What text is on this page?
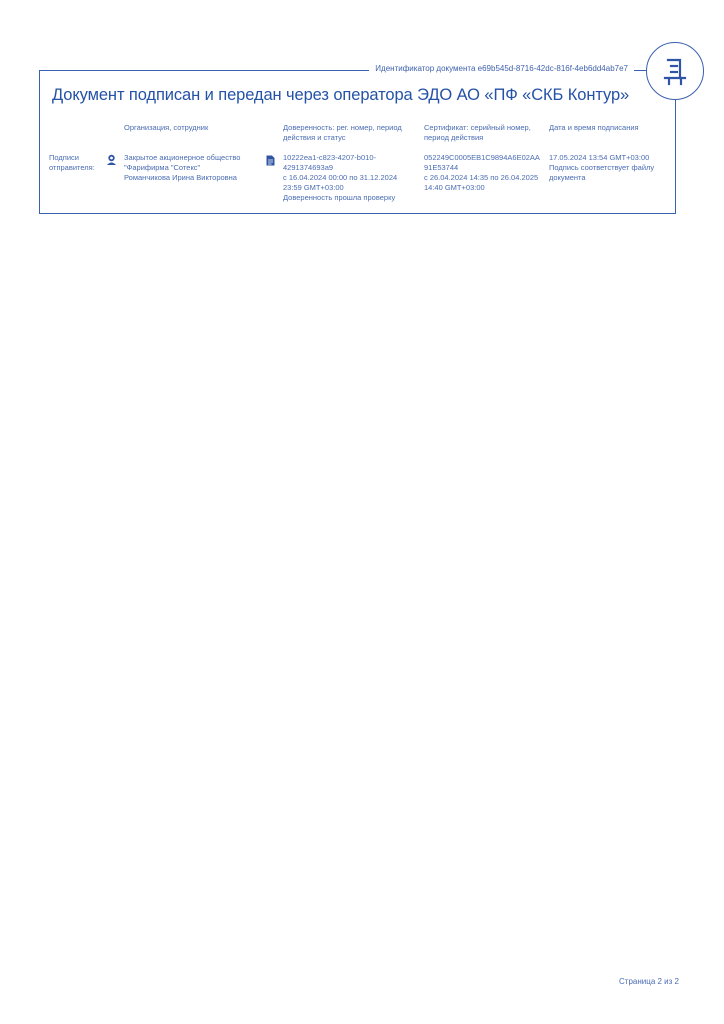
Идентификатор документа e69b545d-8716-42dc-816f-4eb6dd4ab7e7
Документ подписан и передан через оператора ЭДО АО «ПФ «СКБ Контур»
Организация, сотрудник	Доверенность: рег. номер, период
действия и статус
Сертификат: серийный номер,
период действия
Дата и время подписания
Подписи
отправителя:
Закрытое акционерное общество
"Фарифирма "Сотекс"
Романчикова Ирина Викторовна
10222ea1-c823-4207-b010-
4291374693a9
с 16.04.2024 00:00 по 31.12.2024
23:59 GMT+03:00
Доверенность прошла проверку
052249C0005EB1C9894A6E02AA
91E53744
с 26.04.2024 14:35 по 26.04.2025
14:40 GMT+03:00
17.05.2024 13:54 GMT+03:00
Подпись соответствует файлу
документа
Страница 2 из 2
